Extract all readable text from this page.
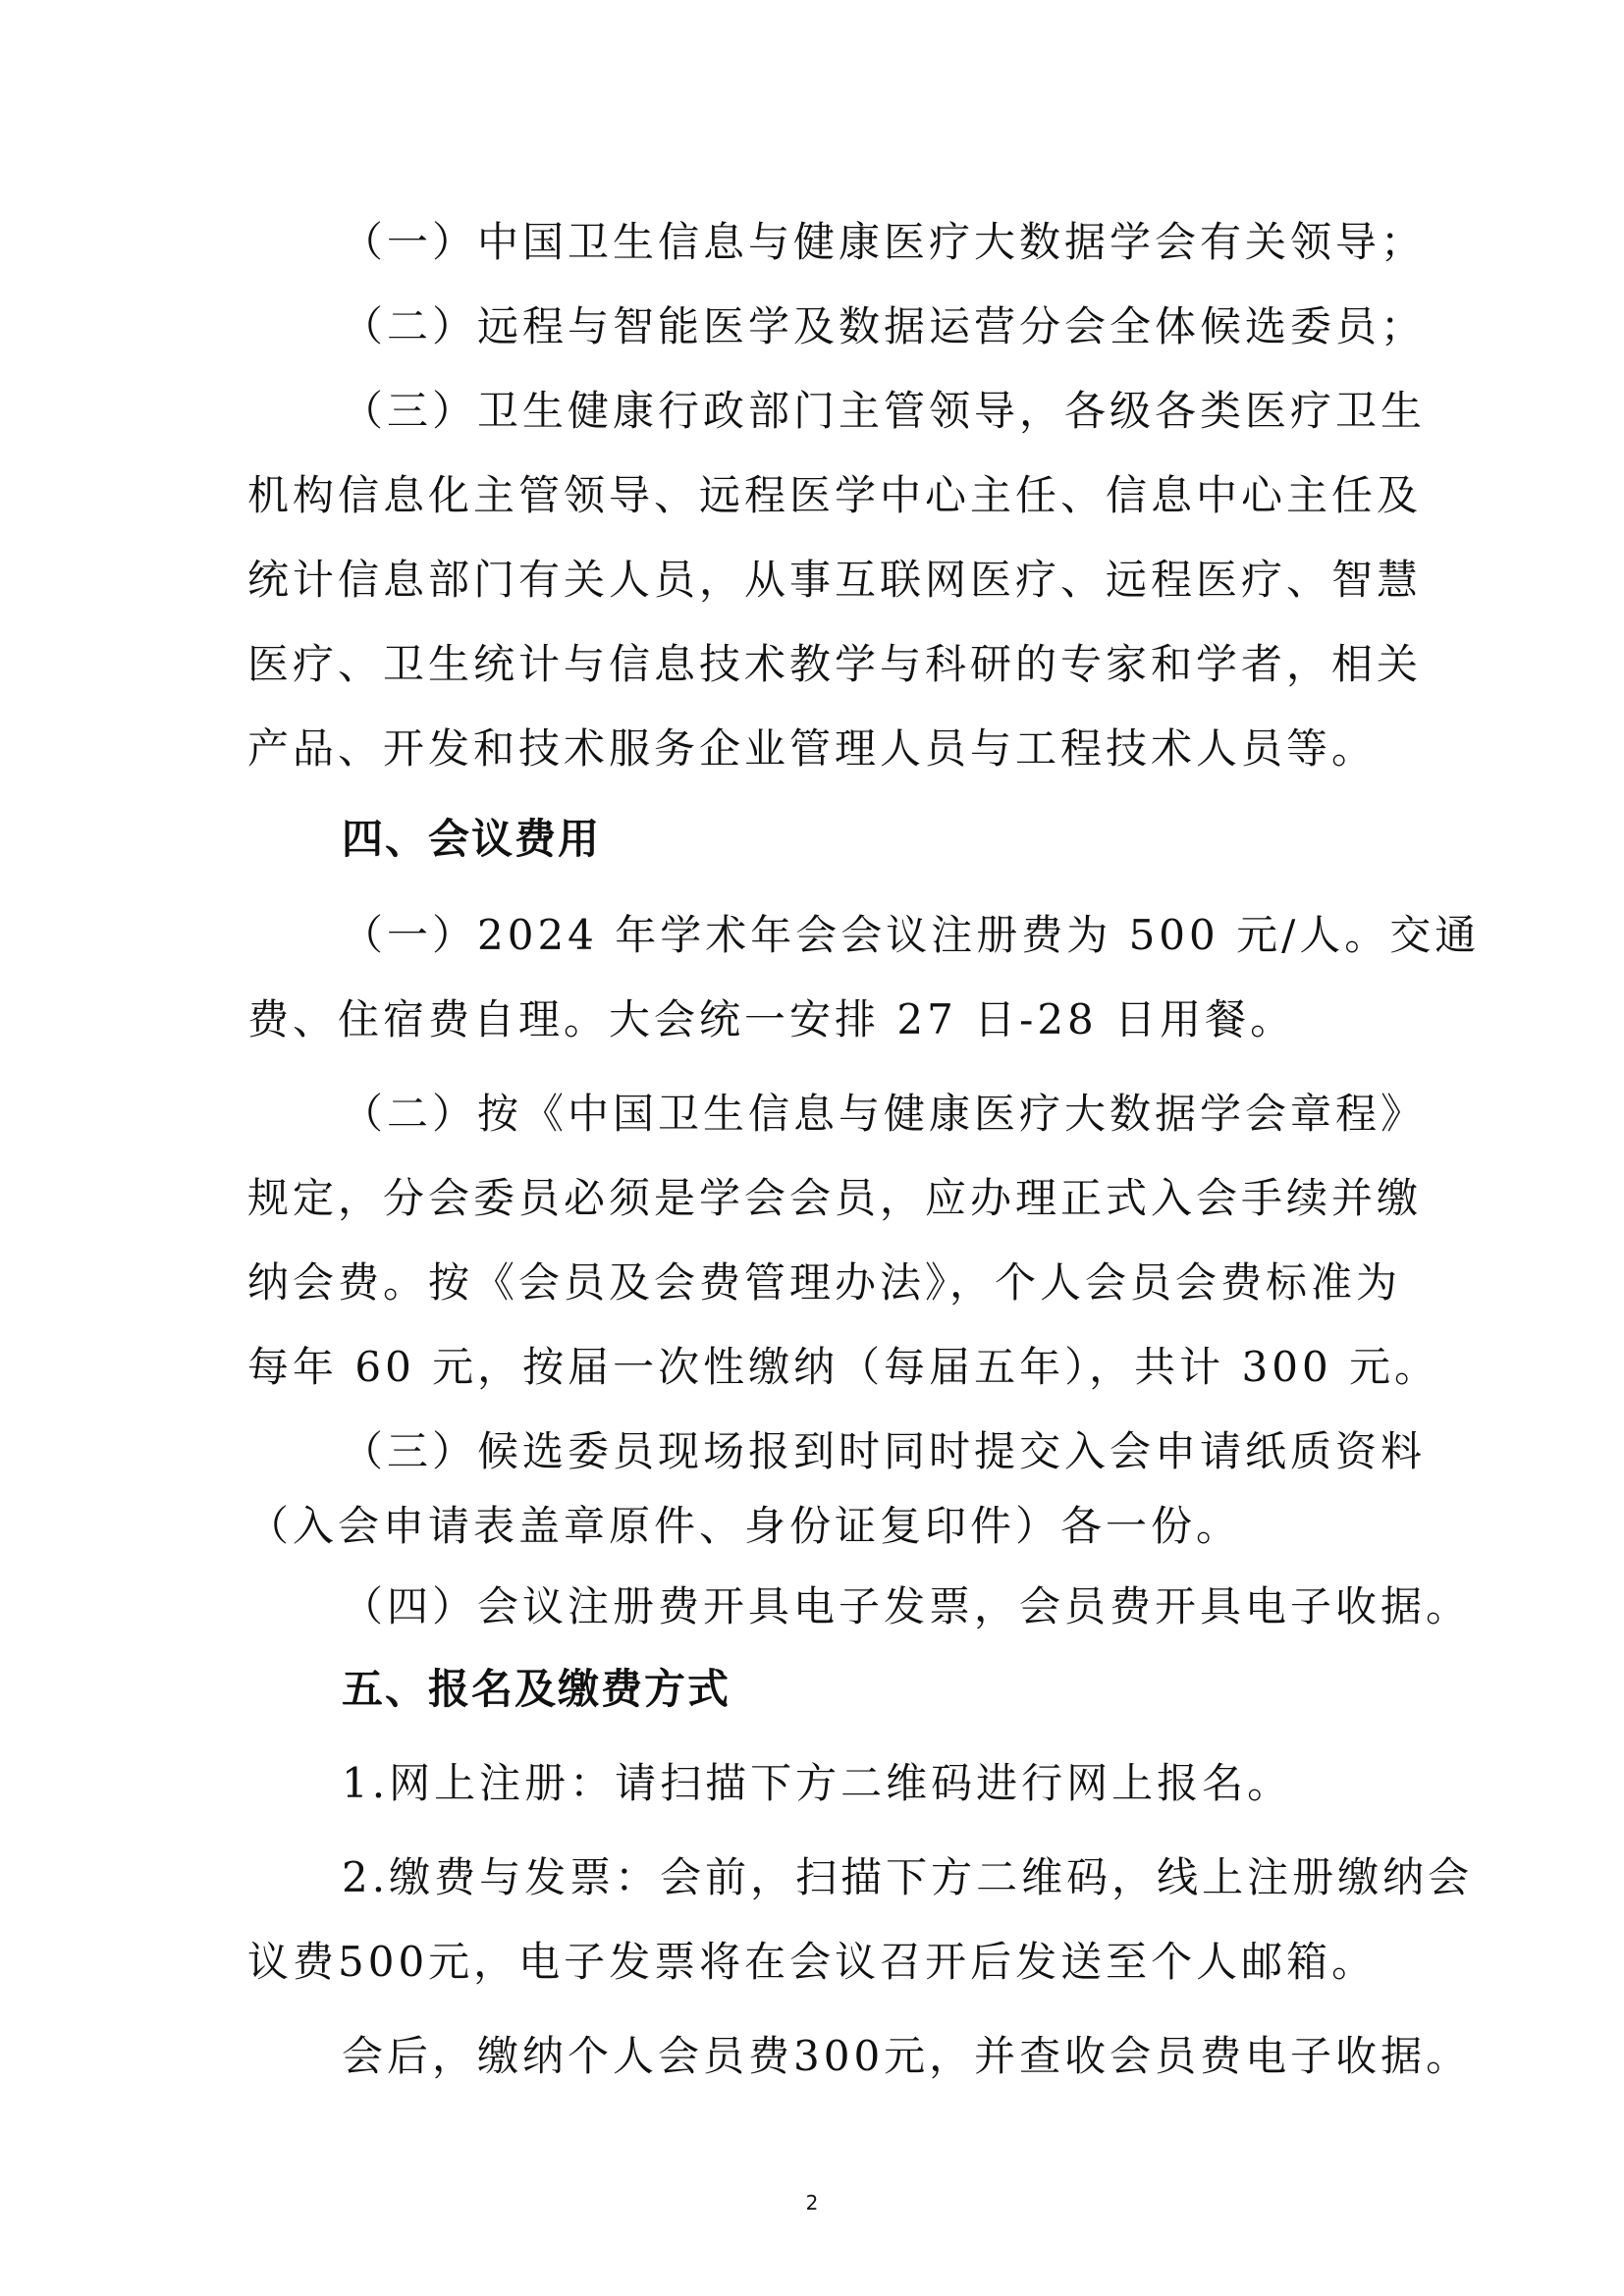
（一）中国卫生信息与健康医疗大数据学会有关领导；
（二）远程与智能医学及数据运营分会全体候选委员；
（三）卫生健康行政部门主管领导，各级各类医疗卫生
机构信息化主管领导、远程医学中心主任、信息中心主任及
统计信息部门有关人员，从事互联网医疗、远程医疗、智慧
医疗、卫生统计与信息技术教学与科研的专家和学者，相关
产品、开发和技术服务企业管理人员与工程技术人员等。
四、会议费用
（一）2024 年学术年会会议注册费为 500 元/人。交通
费、住宿费自理。大会统一安排 27 日-28 日用餐。
（二）按《中国卫生信息与健康医疗大数据学会章程》
规定，分会委员必须是学会会员，应办理正式入会手续并缴
纳会费。按《会员及会费管理办法》，个人会员会费标准为
每年 60 元，按届一次性缴纳（每届五年），共计 300 元。
（三）候选委员现场报到时同时提交入会申请纸质资料
（入会申请表盖章原件、身份证复印件）各一份。
（四）会议注册费开具电子发票，会员费开具电子收据。
五、报名及缴费方式
1.网上注册：请扫描下方二维码进行网上报名。
2.缴费与发票：会前，扫描下方二维码，线上注册缴纳会
议费500元，电子发票将在会议召开后发送至个人邮箱。
会后，缴纳个人会员费300元，并查收会员费电子收据。
2
